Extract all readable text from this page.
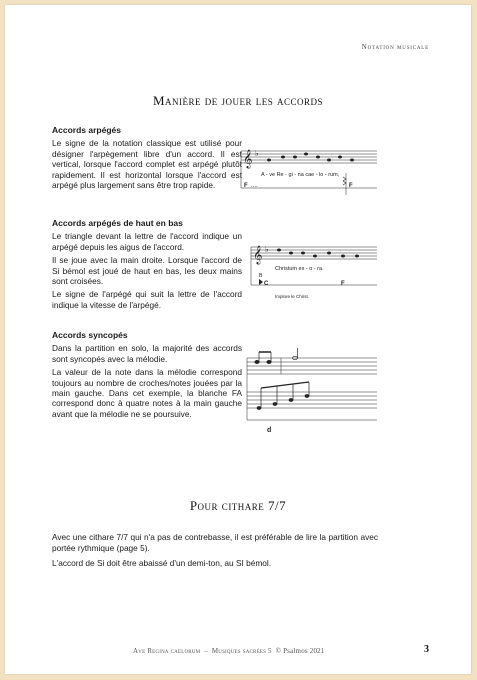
Notation musicale
Manière de jouer les accords
Accords arpégés

Le signe de la notation classique est utilisé pour désigner l'arpègement libre d'un accord. Il est vertical, lorsque l'accord complet est arpégé plutôt rapidement. Il est horizontal lorsque l'accord est arpégé plus largement sans être trop rapide.

𝄞 ♭
A - ve Re - gi - na cae - lo - rum,
F ....	F
Accords arpégés de haut en bas

Le triangle devant la lettre de l'accord indique un arpégé depuis les aigus de l'accord.

Il se joue avec la main droite. Lorsque l'accord de Si bémol est joué de haut en bas, les deux mains sont croisées.

Le signe de l'arpégé qui suit la lettre de l'accord indique la vitesse de l'arpégé.

𝄞 ♭
Christum ex - o - ra.
B
C	F
Implore le Christ.
Accords syncopés

Dans la partition en solo, la majorité des accords sont syncopés avec la mélodie.

La valeur de la note dans la mélodie correspond toujours au nombre de croches/notes jouées par la main gauche. Dans cet exemple, la blanche FA correspond donc à quatre notes à la main gauche avant que la mélodie ne se poursuive.

d
Pour cithare 7/7

Avec une cithare 7/7 qui n'a pas de contrebasse, il est préférable de lire la partition avec portée rythmique (page 5).

L'accord de Si doit être abaissé d'un demi-ton, au SI bémol.

Ave Regina caelorum – Musiques sacrées 5 © Psalmos 2021	3
